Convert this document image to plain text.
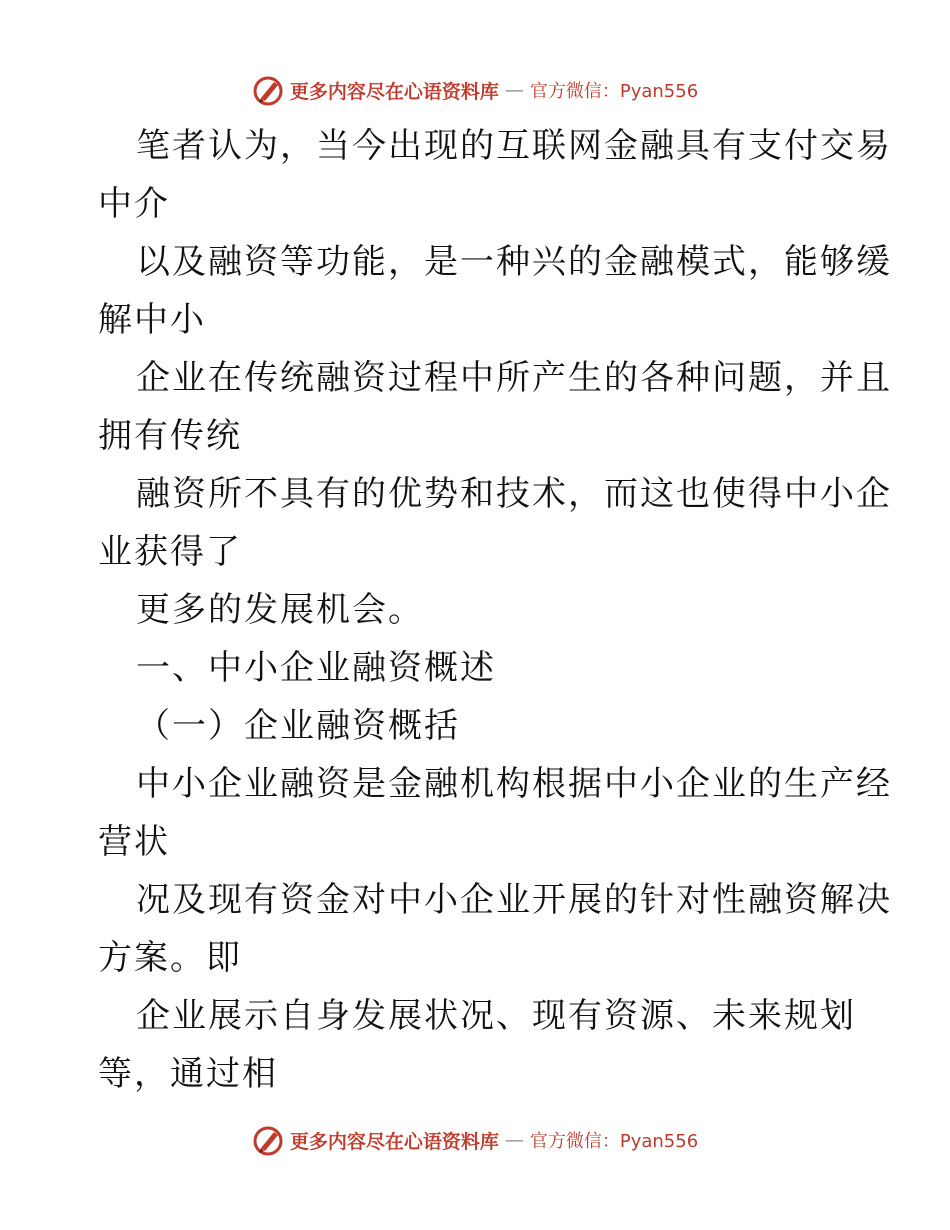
更多内容尽在心语资料库 — 官方微信：Pyan556
笔者认为，当今出现的互联网金融具有支付交易
中介
以及融资等功能，是一种兴的金融模式，能够缓
解中小
企业在传统融资过程中所产生的各种问题，并且
拥有传统
融资所不具有的优势和技术，而这也使得中小企
业获得了
更多的发展机会。
一、中小企业融资概述
（一）企业融资概括
中小企业融资是金融机构根据中小企业的生产经
营状
况及现有资金对中小企业开展的针对性融资解决
方案。即
企业展示自身发展状况、现有资源、未来规划
等，通过相
更多内容尽在心语资料库 — 官方微信：Pyan556
